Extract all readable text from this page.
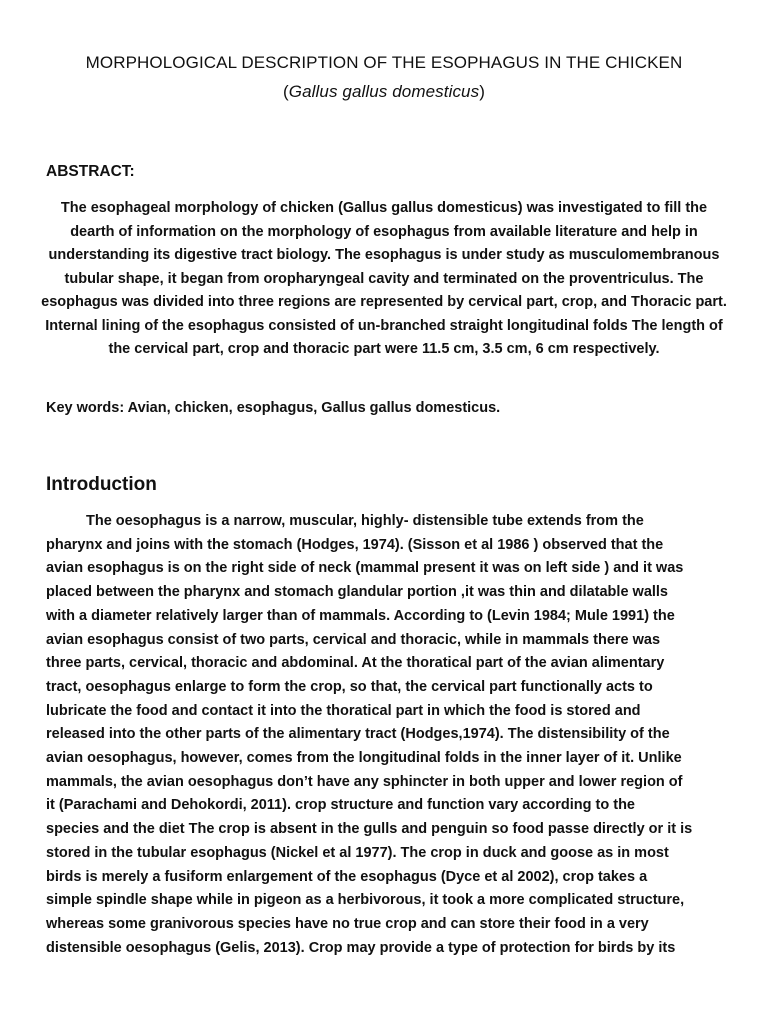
MORPHOLOGICAL DESCRIPTION OF THE ESOPHAGUS IN THE CHICKEN
(Gallus gallus domesticus)
ABSTRACT:
The esophageal morphology of chicken (Gallus gallus domesticus) was investigated to fill the dearth of information on the morphology of esophagus from available literature and help in understanding its digestive tract biology. The esophagus is under study as musculomembranous tubular shape, it began from oropharyngeal cavity and terminated on the proventriculus. The esophagus was divided into three regions are represented by cervical part, crop, and Thoracic part. Internal lining of the esophagus consisted of un-branched straight longitudinal folds The length of the cervical part, crop and thoracic part were 11.5 cm, 3.5 cm, 6 cm respectively.
Key words: Avian, chicken, esophagus, Gallus gallus domesticus.
Introduction
The oesophagus is a narrow, muscular, highly- distensible tube extends from the
pharynx and joins with the stomach (Hodges, 1974). (Sisson et al 1986 ) observed that the
avian esophagus is on the right side of neck (mammal present it was on left side ) and it was
placed between the pharynx and stomach glandular portion ,it was thin and dilatable walls
with a diameter relatively larger than of mammals. According to (Levin 1984; Mule 1991) the
avian esophagus consist of two parts, cervical and thoracic, while in mammals there was
three parts, cervical, thoracic and abdominal. At the thoratical part of the avian alimentary
tract, oesophagus enlarge to form the crop, so that, the cervical part functionally acts to
lubricate the food and contact it into the thoratical part in which the food is stored and
released into the other parts of the alimentary tract (Hodges,1974). The distensibility of the
avian oesophagus, however, comes from the longitudinal folds in the inner layer of it. Unlike
mammals, the avian oesophagus don’t have any sphincter in both upper and lower region of
it (Parachami and Dehokordi, 2011). crop structure and function vary according to the
species and the diet The crop is absent in the gulls and penguin so food passe directly or it is
stored in the tubular esophagus (Nickel et al 1977). The crop in duck and goose as in most
birds is merely a fusiform enlargement of the esophagus (Dyce et al 2002), crop takes a
simple spindle shape while in pigeon as a herbivorous, it took a more complicated structure,
whereas some granivorous species have no true crop and can store their food in a very
distensible oesophagus (Gelis, 2013). Crop may provide a type of protection for birds by its
